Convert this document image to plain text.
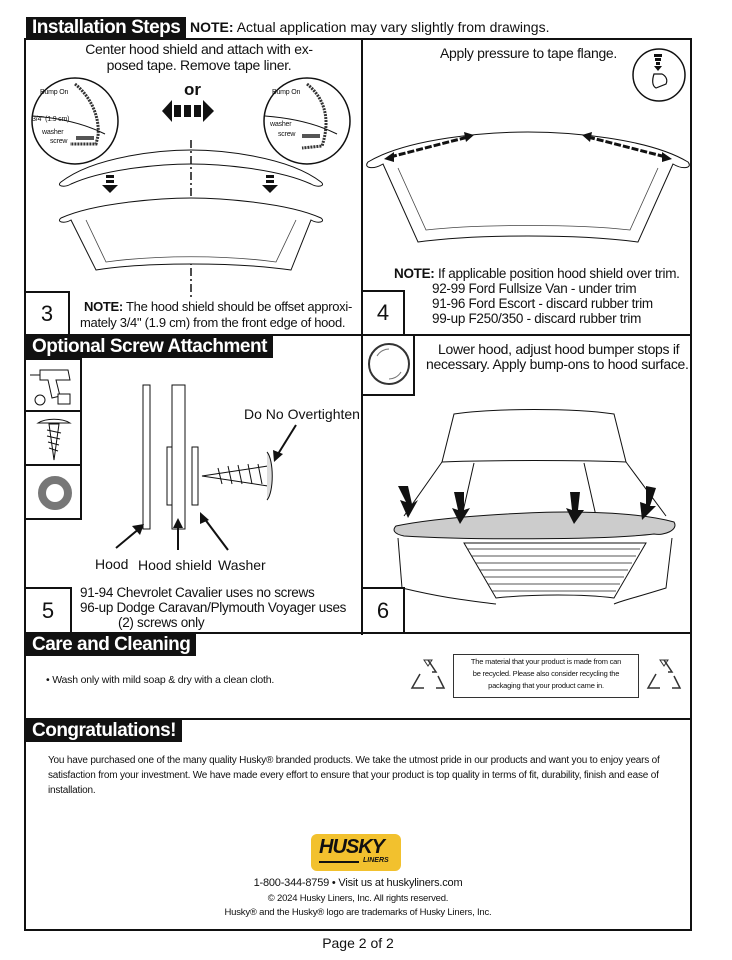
Installation Steps NOTE: Actual application may vary slightly from drawings.
Center hood shield and attach with ex-
posed tape. Remove tape liner.
Bump On
3/4" (1.9 cm)
washer
screw
or	Bump On
washer
screw
3	NOTE: The hood shield should be offset approxi-
mately 3/4" (1.9 cm) from the front edge of hood.
Apply pressure to tape flange.
NOTE: If applicable position hood shield over trim.
92-99 Ford Fullsize Van - under trim
91-96 Ford Escort - discard rubber trim
99-up F250/350 - discard rubber trim
4
Optional Screw Attachment
Do No Overtighten
Hood Hood shield Washer
5
91-94 Chevrolet Cavalier uses no screws
96-up Dodge Caravan/Plymouth Voyager uses
(2) screws only
Lower hood, adjust hood bumper stops if
necessary. Apply bump-ons to hood surface.
6
Care and Cleaning
• Wash only with mild soap & dry with a clean cloth.
The material that your product is made from can
be recycled. Please also consider recycling the
packaging that your product came in.
Congratulations!
You have purchased one of the many quality Husky® branded products. We take the utmost pride in our products and want you to enjoy years of
satisfaction from your investment. We have made every effort to ensure that your product is top quality in terms of fit, durability, finish and ease of
installation.
HUSKY
LINERS
1-800-344-8759 • Visit us at huskyliners.com
© 2024 Husky Liners, Inc. All rights reserved.
Husky® and the Husky® logo are trademarks of Husky Liners, Inc.
Page 2 of 2
